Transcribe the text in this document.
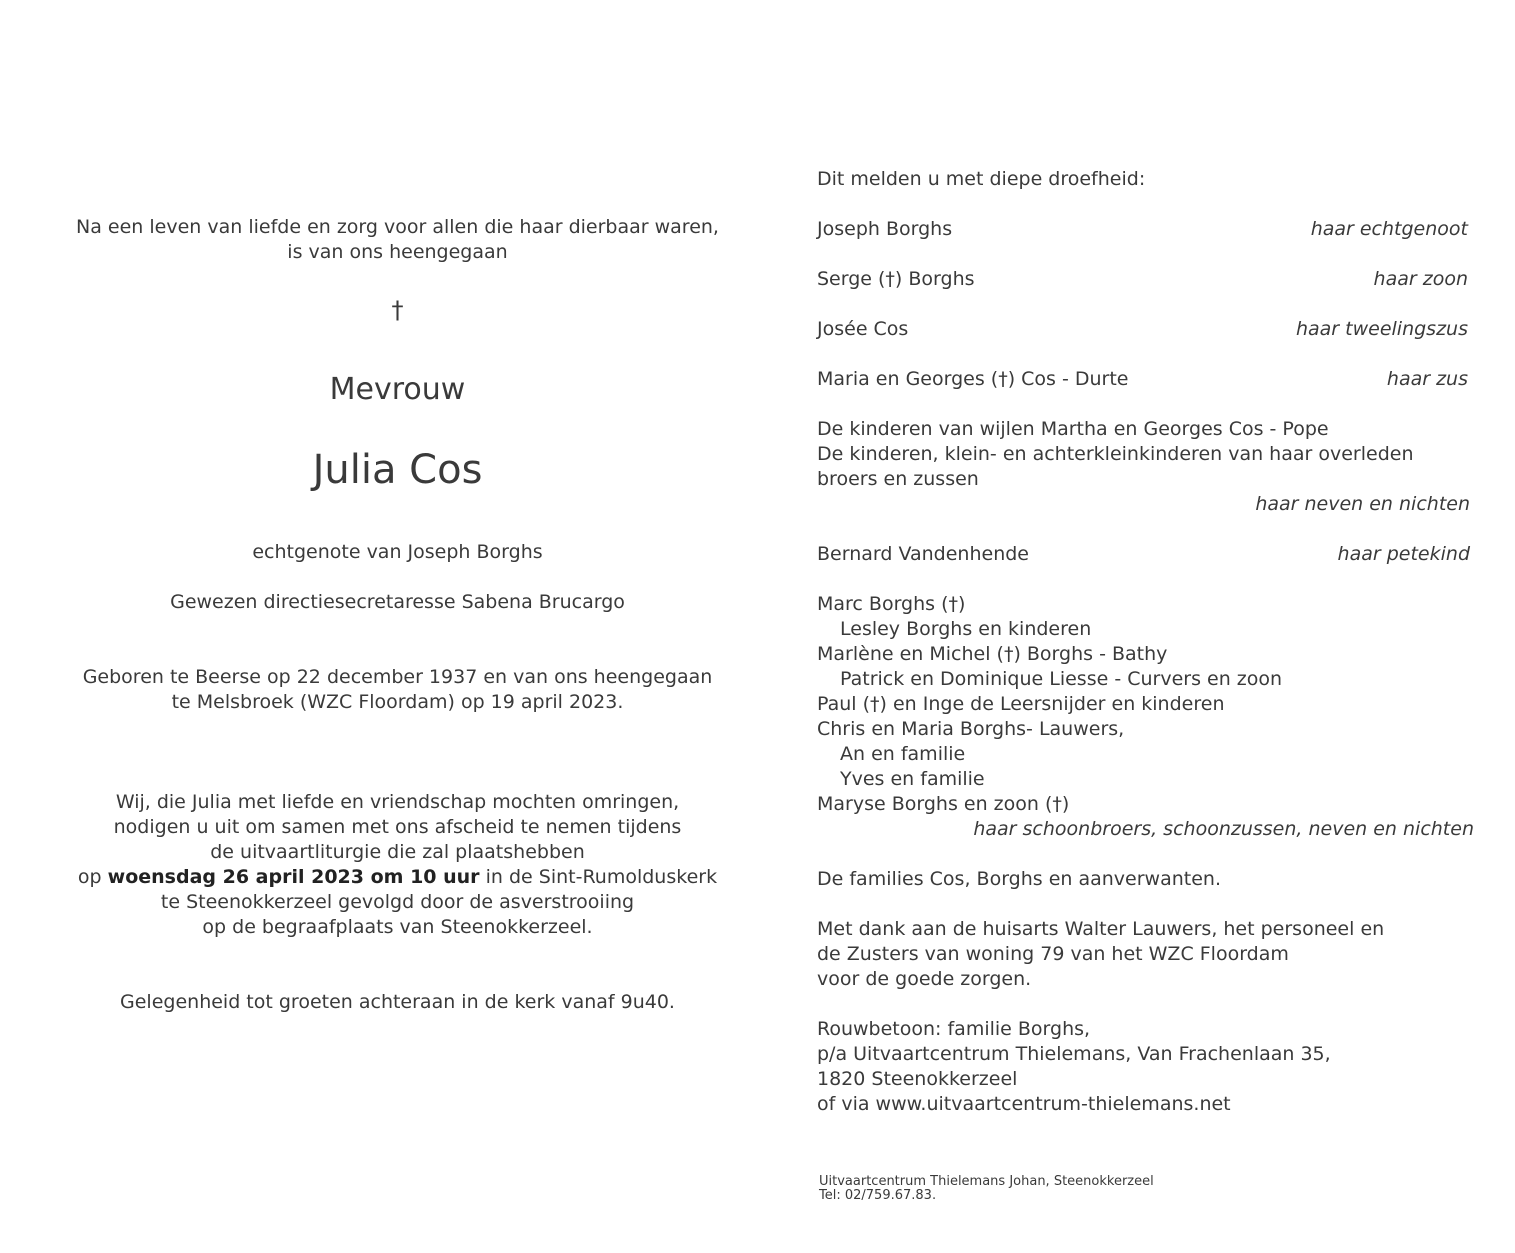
Na een leven van liefde en zorg voor allen die haar dierbaar waren,
is van ons heengegaan
†
Mevrouw
Julia Cos
echtgenote van Joseph Borghs
Gewezen directiesecretaresse Sabena Brucargo
Geboren te Beerse op 22 december 1937 en van ons heengegaan
te Melsbroek (WZC Floordam) op 19 april 2023.
Wij, die Julia met liefde en vriendschap mochten omringen,
nodigen u uit om samen met ons afscheid te nemen tijdens
de uitvaartliturgie die zal plaatshebben
op woensdag 26 april 2023 om 10 uur in de Sint-Rumolduskerk
te Steenokkerzeel gevolgd door de asverstrooiing
op de begraafplaats van Steenokkerzeel.
Gelegenheid tot groeten achteraan in de kerk vanaf 9u40.
Dit melden u met diepe droefheid:
Joseph Borghs	haar echtgenoot
Serge (†) Borghs	haar zoon
Josée Cos	haar tweelingszus
Maria en Georges (†) Cos - Durte	haar zus
De kinderen van wijlen Martha en Georges Cos - Pope
De kinderen, klein- en achterkleinkinderen van haar overleden
broers en zussen
haar neven en nichten
Bernard Vandenhende	haar petekind
Marc Borghs (†)
Lesley Borghs en kinderen
Marlène en Michel (†) Borghs - Bathy
Patrick en Dominique Liesse - Curvers en zoon
Paul (†) en Inge de Leersnijder en kinderen
Chris en Maria Borghs- Lauwers,
An en familie
Yves en familie
Maryse Borghs en zoon (†)
haar schoonbroers, schoonzussen, neven en nichten
De families Cos, Borghs en aanverwanten.
Met dank aan de huisarts Walter Lauwers, het personeel en
de Zusters van woning 79 van het WZC Floordam
voor de goede zorgen.
Rouwbetoon: familie Borghs,
p/a Uitvaartcentrum Thielemans, Van Frachenlaan 35,
1820 Steenokkerzeel
of via www.uitvaartcentrum-thielemans.net
Uitvaartcentrum Thielemans Johan, Steenokkerzeel
Tel: 02/759.67.83.
